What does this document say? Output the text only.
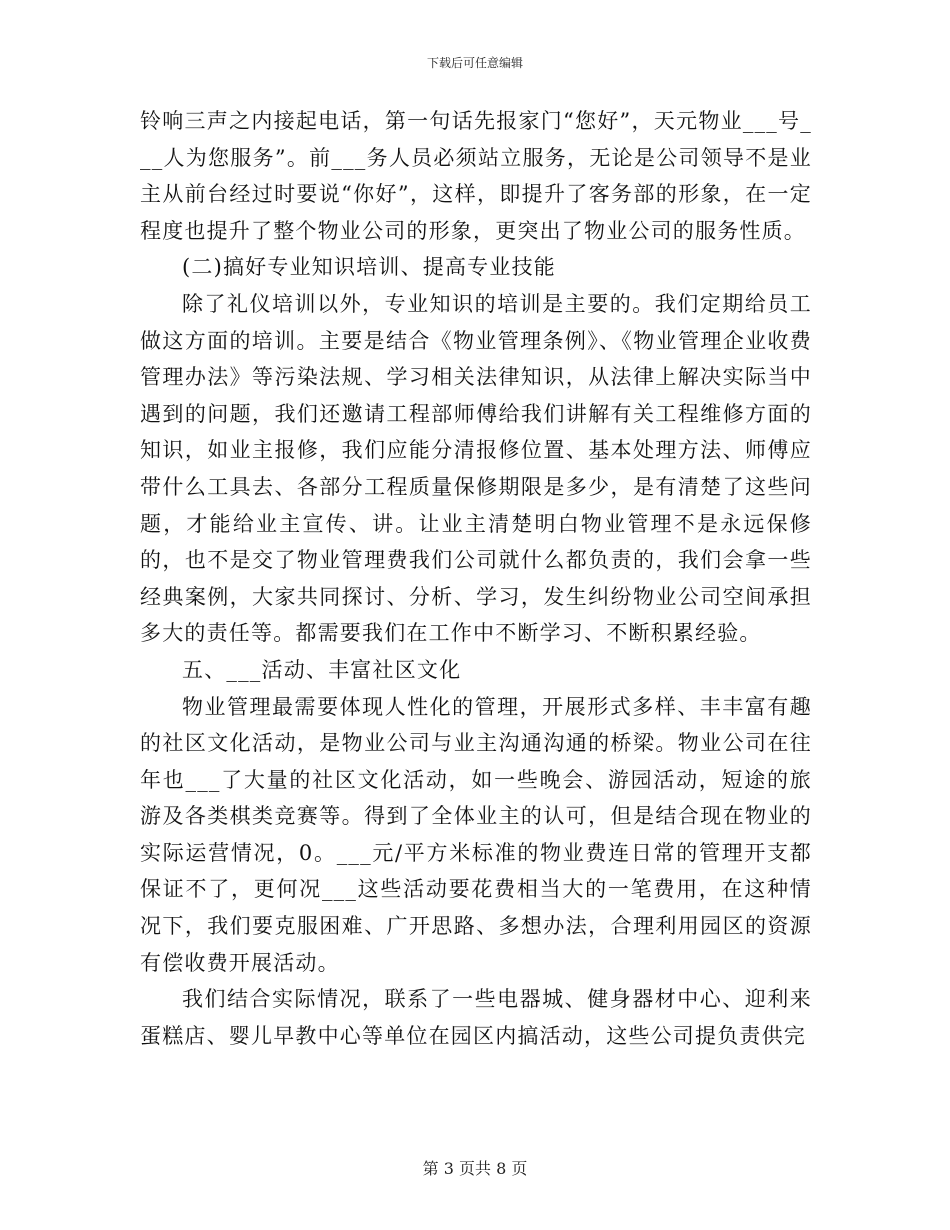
下载后可任意编辑

铃响三声之内接起电话，第一句话先报家门“您好”，天元物业___号___人为您服务”。前___务人员必须站立服务，无论是公司领导不是业主从前台经过时要说“你好”，这样，即提升了客务部的形象，在一定程度也提升了整个物业公司的形象，更突出了物业公司的服务性质。

(二)搞好专业知识培训、提高专业技能

除了礼仪培训以外，专业知识的培训是主要的。我们定期给员工做这方面的培训。主要是结合《物业管理条例》、《物业管理企业收费管理办法》等污染法规、学习相关法律知识，从法律上解决实际当中遇到的问题，我们还邀请工程部师傅给我们讲解有关工程维修方面的知识，如业主报修，我们应能分清报修位置、基本处理方法、师傅应带什么工具去、各部分工程质量保修期限是多少，是有清楚了这些问题，才能给业主宣传、讲。让业主清楚明白物业管理不是永远保修的，也不是交了物业管理费我们公司就什么都负责的，我们会拿一些经典案例，大家共同探讨、分析、学习，发生纠纷物业公司空间承担多大的责任等。都需要我们在工作中不断学习、不断积累经验。

五、___活动、丰富社区文化

物业管理最需要体现人性化的管理，开展形式多样、丰丰富有趣的社区文化活动，是物业公司与业主沟通沟通的桥梁。物业公司在往年也___了大量的社区文化活动，如一些晚会、游园活动，短途的旅游及各类棋类竞赛等。得到了全体业主的认可，但是结合现在物业的实际运营情况，0。___元/平方米标准的物业费连日常的管理开支都保证不了，更何况___这些活动要花费相当大的一笔费用，在这种情况下，我们要克服困难、广开思路、多想办法，合理利用园区的资源有偿收费开展活动。

我们结合实际情况，联系了一些电器城、健身器材中心、迎利来蛋糕店、婴儿早教中心等单位在园区内搞活动，这些公司提负责供完

第 3 页共 8 页
